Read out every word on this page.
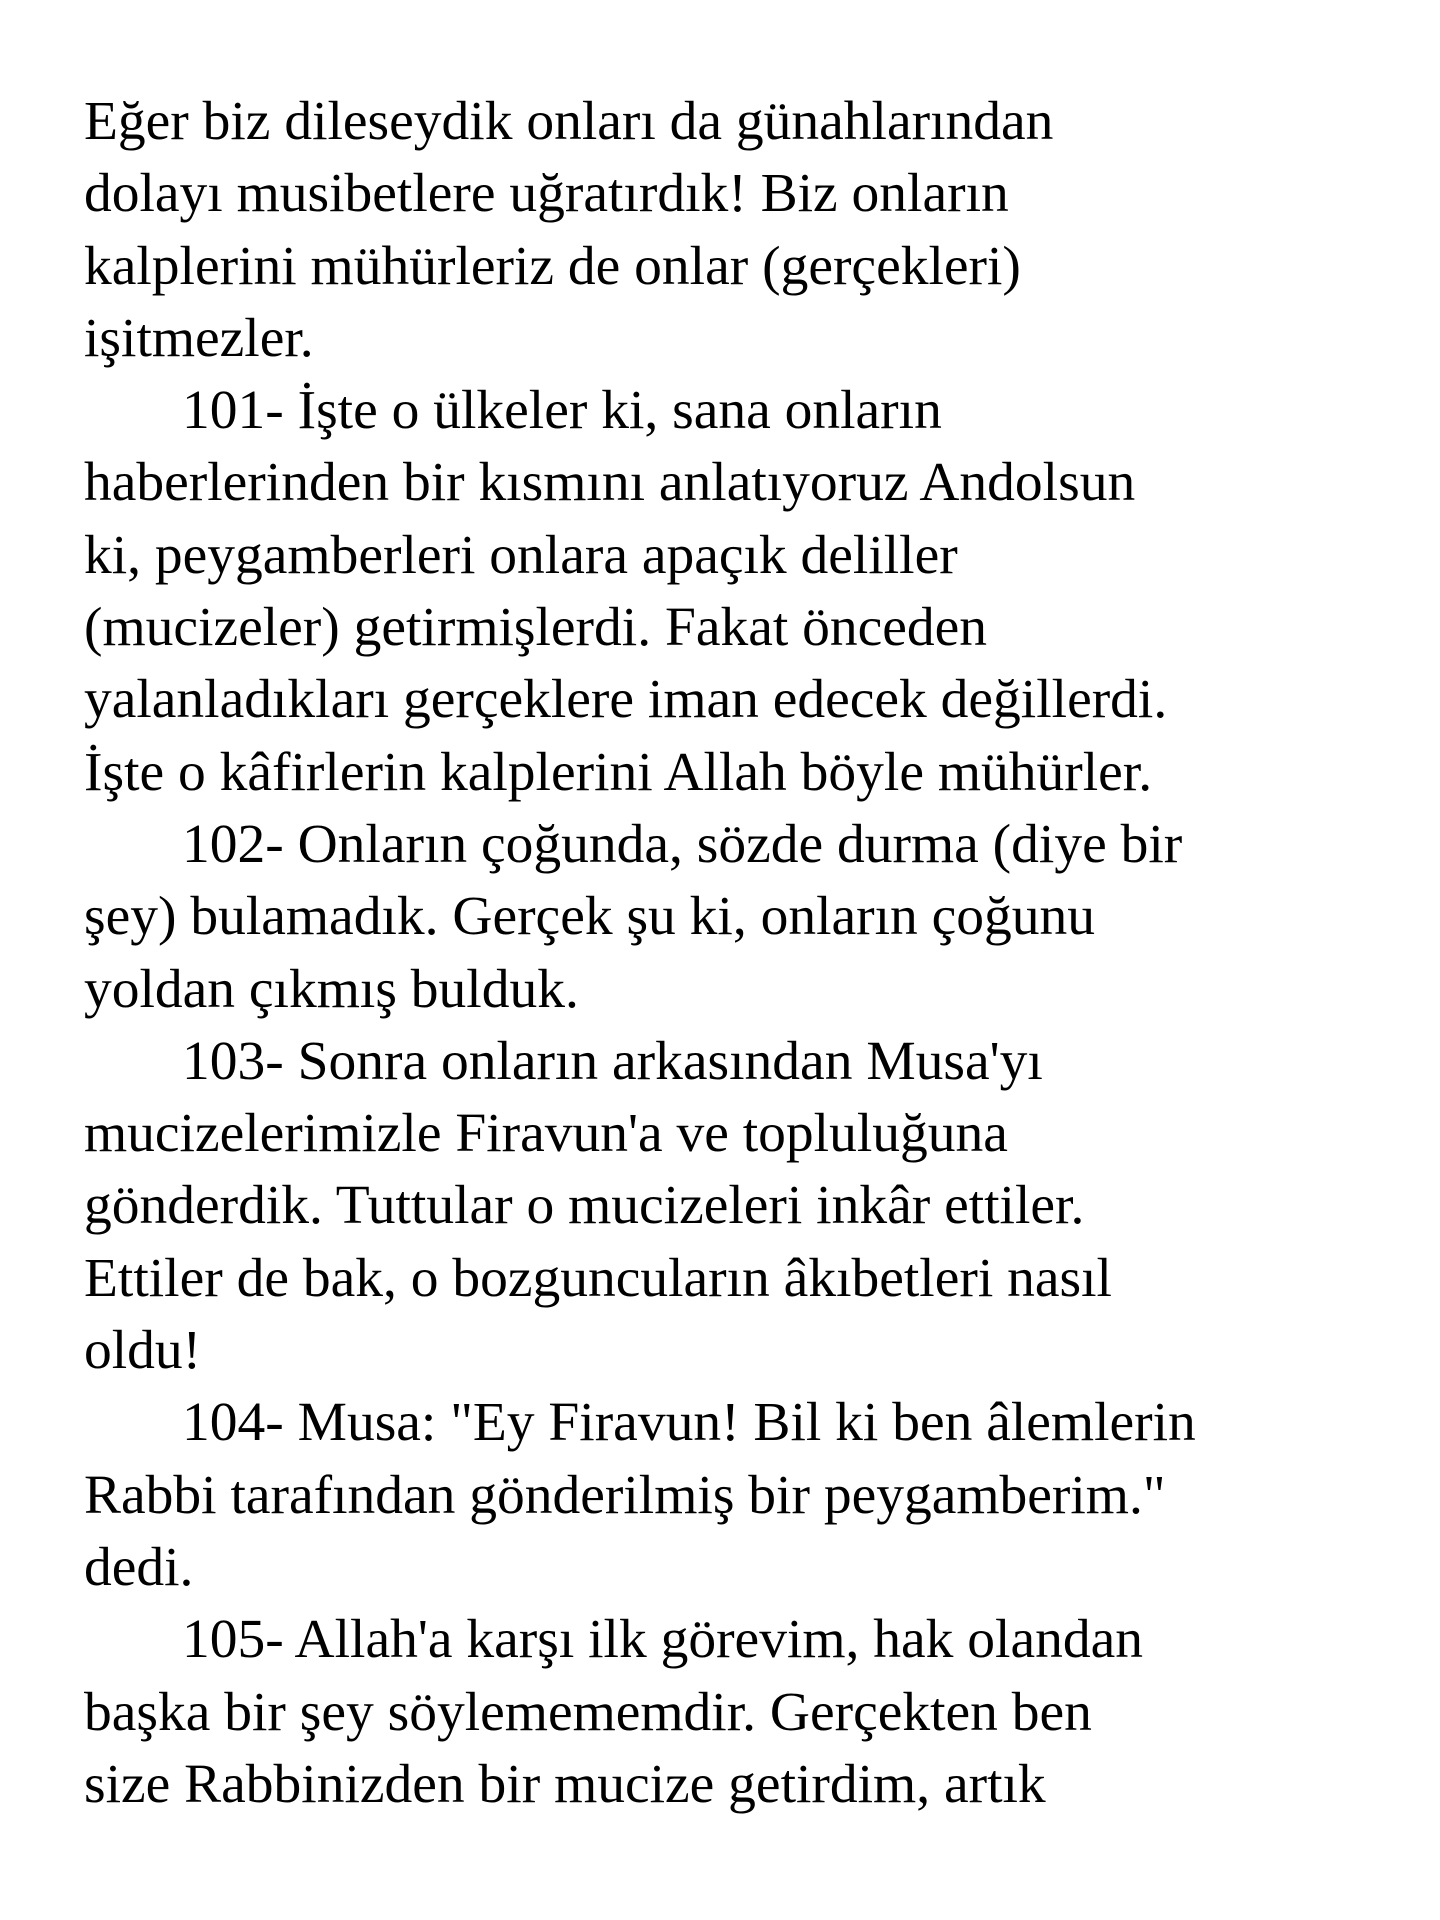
Eğer biz dileseydik onları da günahlarından
dolayı musibetlere uğratırdık! Biz onların
kalplerini mühürleriz de onlar (gerçekleri)
işitmezler.
101- İşte o ülkeler ki, sana onların
haberlerinden bir kısmını anlatıyoruz Andolsun
ki, peygamberleri onlara apaçık deliller
(mucizeler) getirmişlerdi. Fakat önceden
yalanladıkları gerçeklere iman edecek değillerdi.
İşte o kâfirlerin kalplerini Allah böyle mühürler.
102- Onların çoğunda, sözde durma (diye bir
şey) bulamadık. Gerçek şu ki, onların çoğunu
yoldan çıkmış bulduk.
103- Sonra onların arkasından Musa'yı
mucizelerimizle Firavun'a ve topluluğuna
gönderdik. Tuttular o mucizeleri inkâr ettiler.
Ettiler de bak, o bozguncuların âkıbetleri nasıl
oldu!
104- Musa: "Ey Firavun! Bil ki ben âlemlerin
Rabbi tarafından gönderilmiş bir peygamberim."
dedi.
105- Allah'a karşı ilk görevim, hak olandan
başka bir şey söylemememdir. Gerçekten ben
size Rabbinizden bir mucize getirdim, artık
